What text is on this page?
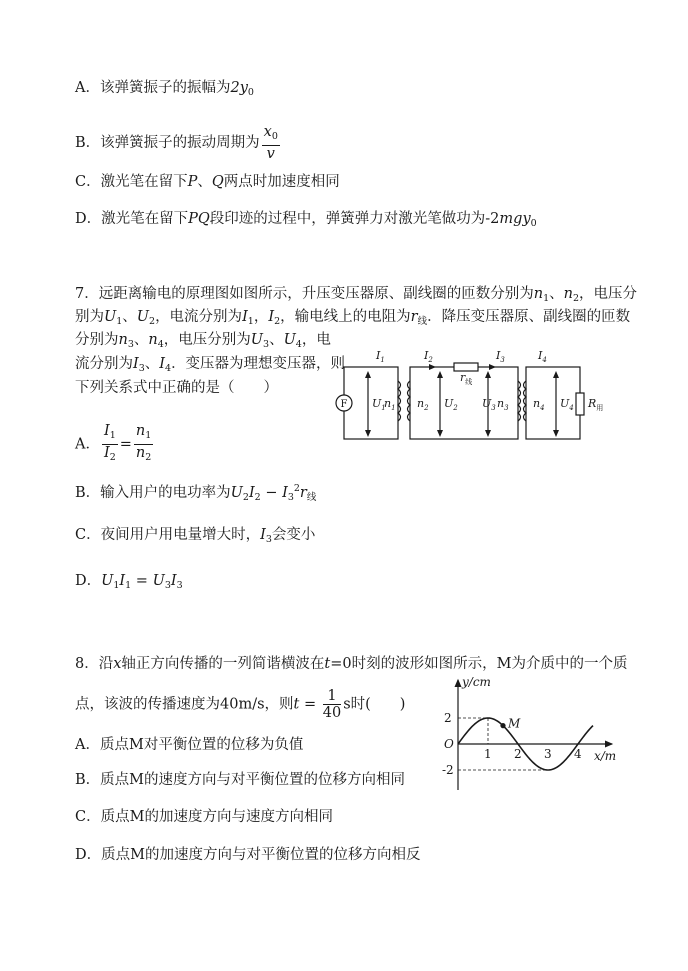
A．该弹簧振子的振幅为$2y_0$
B．该弹簧振子的振动周期为 $\frac{x_0}{v}$
C．激光笔在留下P、Q两点时加速度相同
D．激光笔在留下PQ段印迹的过程中，弹簧弹力对激光笔做功为-2mgy$_0$
7．远距离输电的原理图如图所示，升压变压器原、副线圈的匝数分别为$n_1$、$n_2$，电压分
别为$U_1$、$U_2$，电流分别为$I_1$，$I_2$，输电线上的电阻为$r_线$．降压变压器原、副线圈的匝数
分别为$n_3$、$n_4$，电压分别为$U_3$、$U_4$，电
流分别为$I_3$、$I_4$．变压器为理想变压器，则
下列关系式中正确的是（　　）
A． $\frac{I_1}{I_2} = \frac{n_1}{n_2}$
B．输入用户的电功率为$U_2I_2 - I_3^2r_线$
C．夜间用户用电量增大时，$I_3$会变小
D．$U_1I_1 = U_3I_3$
F
$I_1$	$I_2$	$I_3$	$I_4$
$r_线$
$U_1$
$n_1$ $n_2$ $U_2$ $U_3$ $n_3$ $n_4$ $U_4$ $R_用$
8．沿x轴正方向传播的一列简谐横波在t=0时刻的波形如图所示，M为介质中的一个质
点，该波的传播速度为40m/s，则$t = \frac{1}{40}$ s时(　　)
A．质点M对平衡位置的位移为负值
B．质点M的速度方向与对平衡位置的位移方向相同
C．质点M的加速度方向与速度方向相同
D．质点M的加速度方向与对平衡位置的位移方向相反
M
y/cm
x/m
O
2
-2
1 2 3 4
